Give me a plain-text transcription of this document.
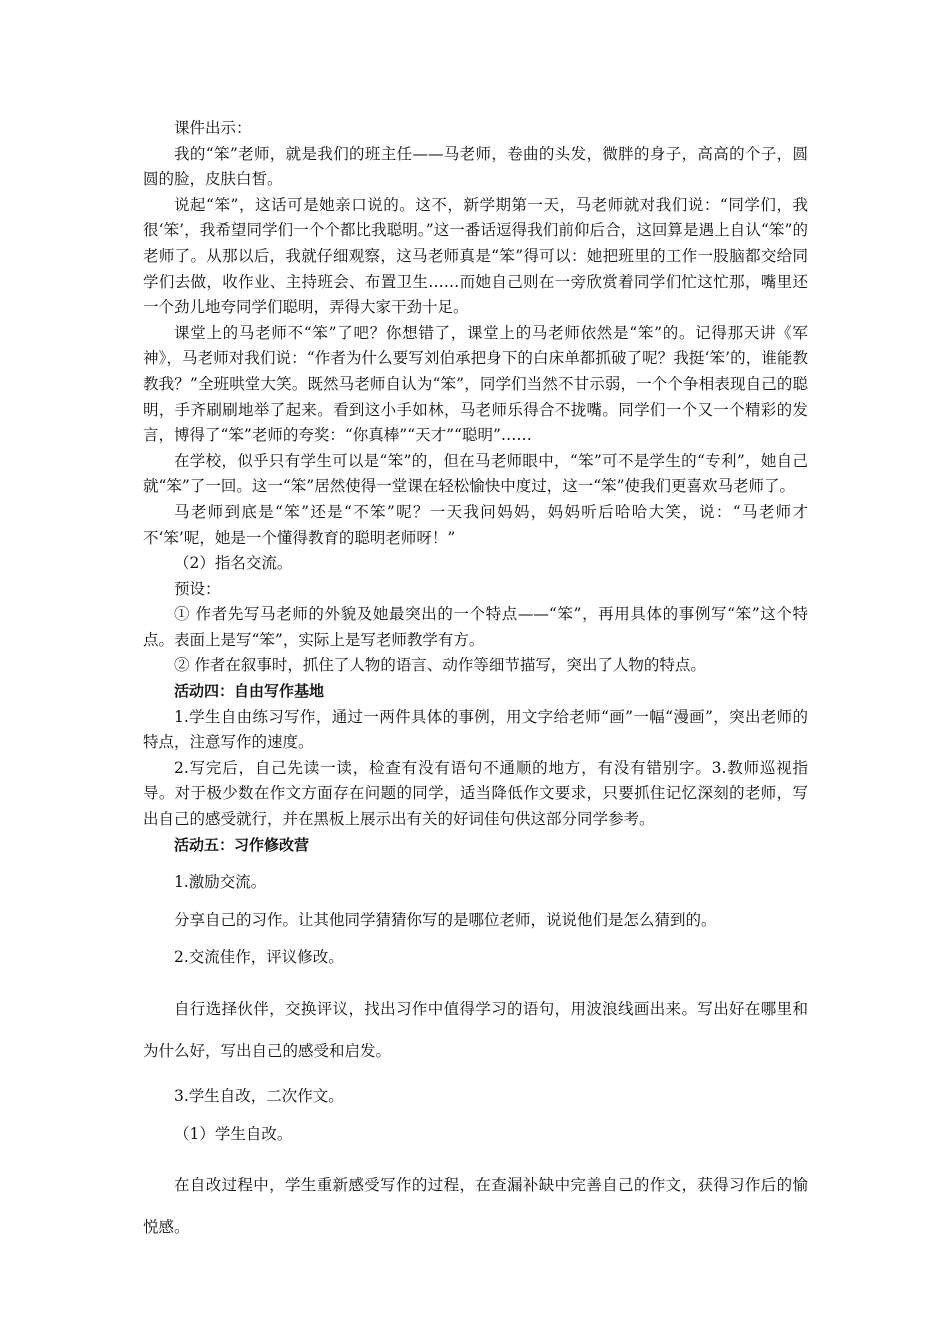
课件出示：

我的“笨”老师，就是我们的班主任——马老师，卷曲的头发，微胖的身子，高高的个子，圆圆的脸，皮肤白皙。

说起“笨”，这话可是她亲口说的。这不，新学期第一天，马老师就对我们说：“同学们，我很‘笨’，我希望同学们一个个都比我聪明。”这一番话逗得我们前仰后合，这回算是遇上自认“笨”的老师了。从那以后，我就仔细观察，这马老师真是“笨”得可以：她把班里的工作一股脑都交给同学们去做，收作业、主持班会、布置卫生……而她自己则在一旁欣赏着同学们忙这忙那，嘴里还一个劲儿地夸同学们聪明，弄得大家干劲十足。

课堂上的马老师不“笨”了吧？你想错了，课堂上的马老师依然是“笨”的。记得那天讲《军神》，马老师对我们说：“作者为什么要写刘伯承把身下的白床单都抓破了呢？我挺‘笨’的，谁能教教我？”全班哄堂大笑。既然马老师自认为“笨”，同学们当然不甘示弱，一个个争相表现自己的聪明，手齐刷刷地举了起来。看到这小手如林，马老师乐得合不拢嘴。同学们一个又一个精彩的发言，博得了“笨”老师的夸奖：“你真棒”“天才”“聪明”……

在学校，似乎只有学生可以是“笨”的，但在马老师眼中，“笨”可不是学生的“专利”，她自己就“笨”了一回。这一“笨”居然使得一堂课在轻松愉快中度过，这一“笨”使我们更喜欢马老师了。

马老师到底是“笨”还是“不笨”呢？一天我问妈妈，妈妈听后哈哈大笑，说：“马老师才不‘笨’呢，她是一个懂得教育的聪明老师呀！”

（2）指名交流。

预设：

① 作者先写马老师的外貌及她最突出的一个特点——“笨”，再用具体的事例写“笨”这个特点。表面上是写“笨”，实际上是写老师教学有方。

② 作者在叙事时，抓住了人物的语言、动作等细节描写，突出了人物的特点。

活动四：自由写作基地

1.学生自由练习写作，通过一两件具体的事例，用文字给老师“画”一幅“漫画”，突出老师的特点，注意写作的速度。

2.写完后，自己先读一读，检查有没有语句不通顺的地方，有没有错别字。3.教师巡视指导。对于极少数在作文方面存在问题的同学，适当降低作文要求，只要抓住记忆深刻的老师，写出自己的感受就行，并在黑板上展示出有关的好词佳句供这部分同学参考。

活动五：习作修改营

1.激励交流。

分享自己的习作。让其他同学猜猜你写的是哪位老师，说说他们是怎么猜到的。

2.交流佳作，评议修改。

自行选择伙伴，交换评议，找出习作中值得学习的语句，用波浪线画出来。写出好在哪里和为什么好，写出自己的感受和启发。

3.学生自改，二次作文。

（1）学生自改。

在自改过程中，学生重新感受写作的过程，在查漏补缺中完善自己的作文，获得习作后的愉悦感。
